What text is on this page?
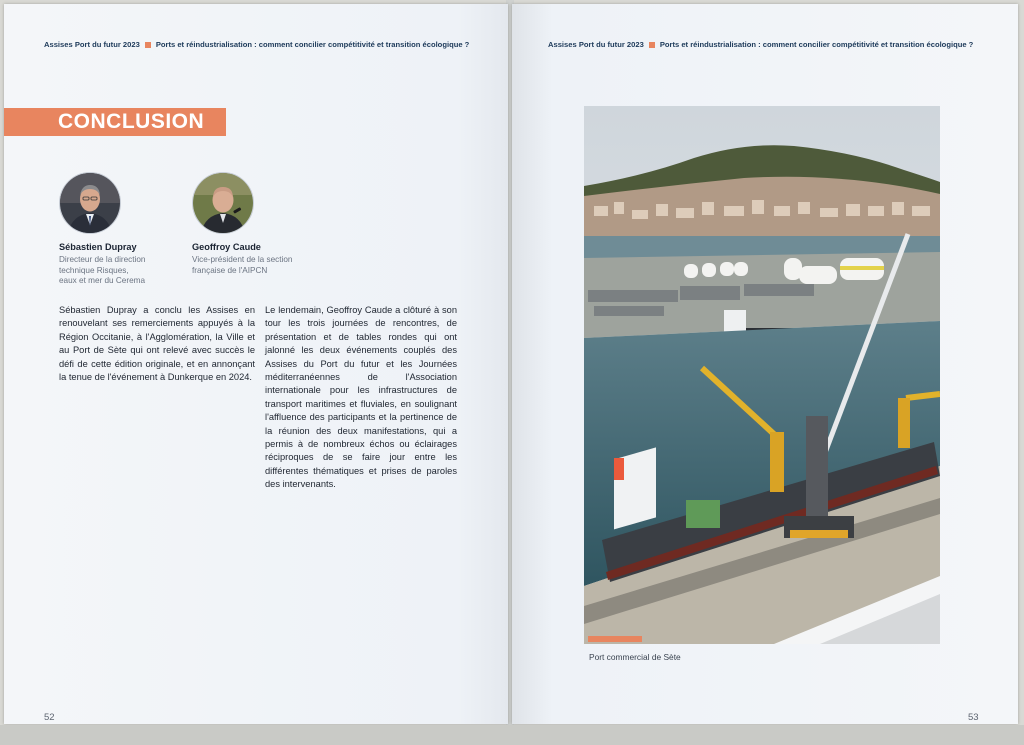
Assises Port du futur 2023 Ports et réindustrialisation : comment concilier compétitivité et transition écologique ?
CONCLUSION
Sébastien Dupray
Directeur de la direction
technique Risques,
eaux et mer du Cerema
Geoffroy Caude
Vice-président de la section
française de l'AIPCN
Sébastien Dupray a conclu les Assises en renouvelant ses remerciements appuyés à la Région Occitanie, à l'Agglomération, la Ville et au Port de Sète qui ont relevé avec succès le défi de cette édition originale, et en annonçant la tenue de l'événement à Dunkerque en 2024.
Le lendemain, Geoffroy Caude a clôturé à son tour les trois journées de rencontres, de présentation et de tables rondes qui ont jalonné les deux événements couplés des Assises du Port du futur et les Journées méditerranéennes de l'Association internationale pour les infrastructures de transport maritimes et fluviales, en soulignant l'affluence des participants et la pertinence de la réunion des deux manifestations, qui a permis à de nombreux échos ou éclairages réciproques de se faire jour entre les différentes thématiques et prises de paroles des intervenants.
52
Assises Port du futur 2023 Ports et réindustrialisation : comment concilier compétitivité et transition écologique ?
Port commercial de Sète
53
